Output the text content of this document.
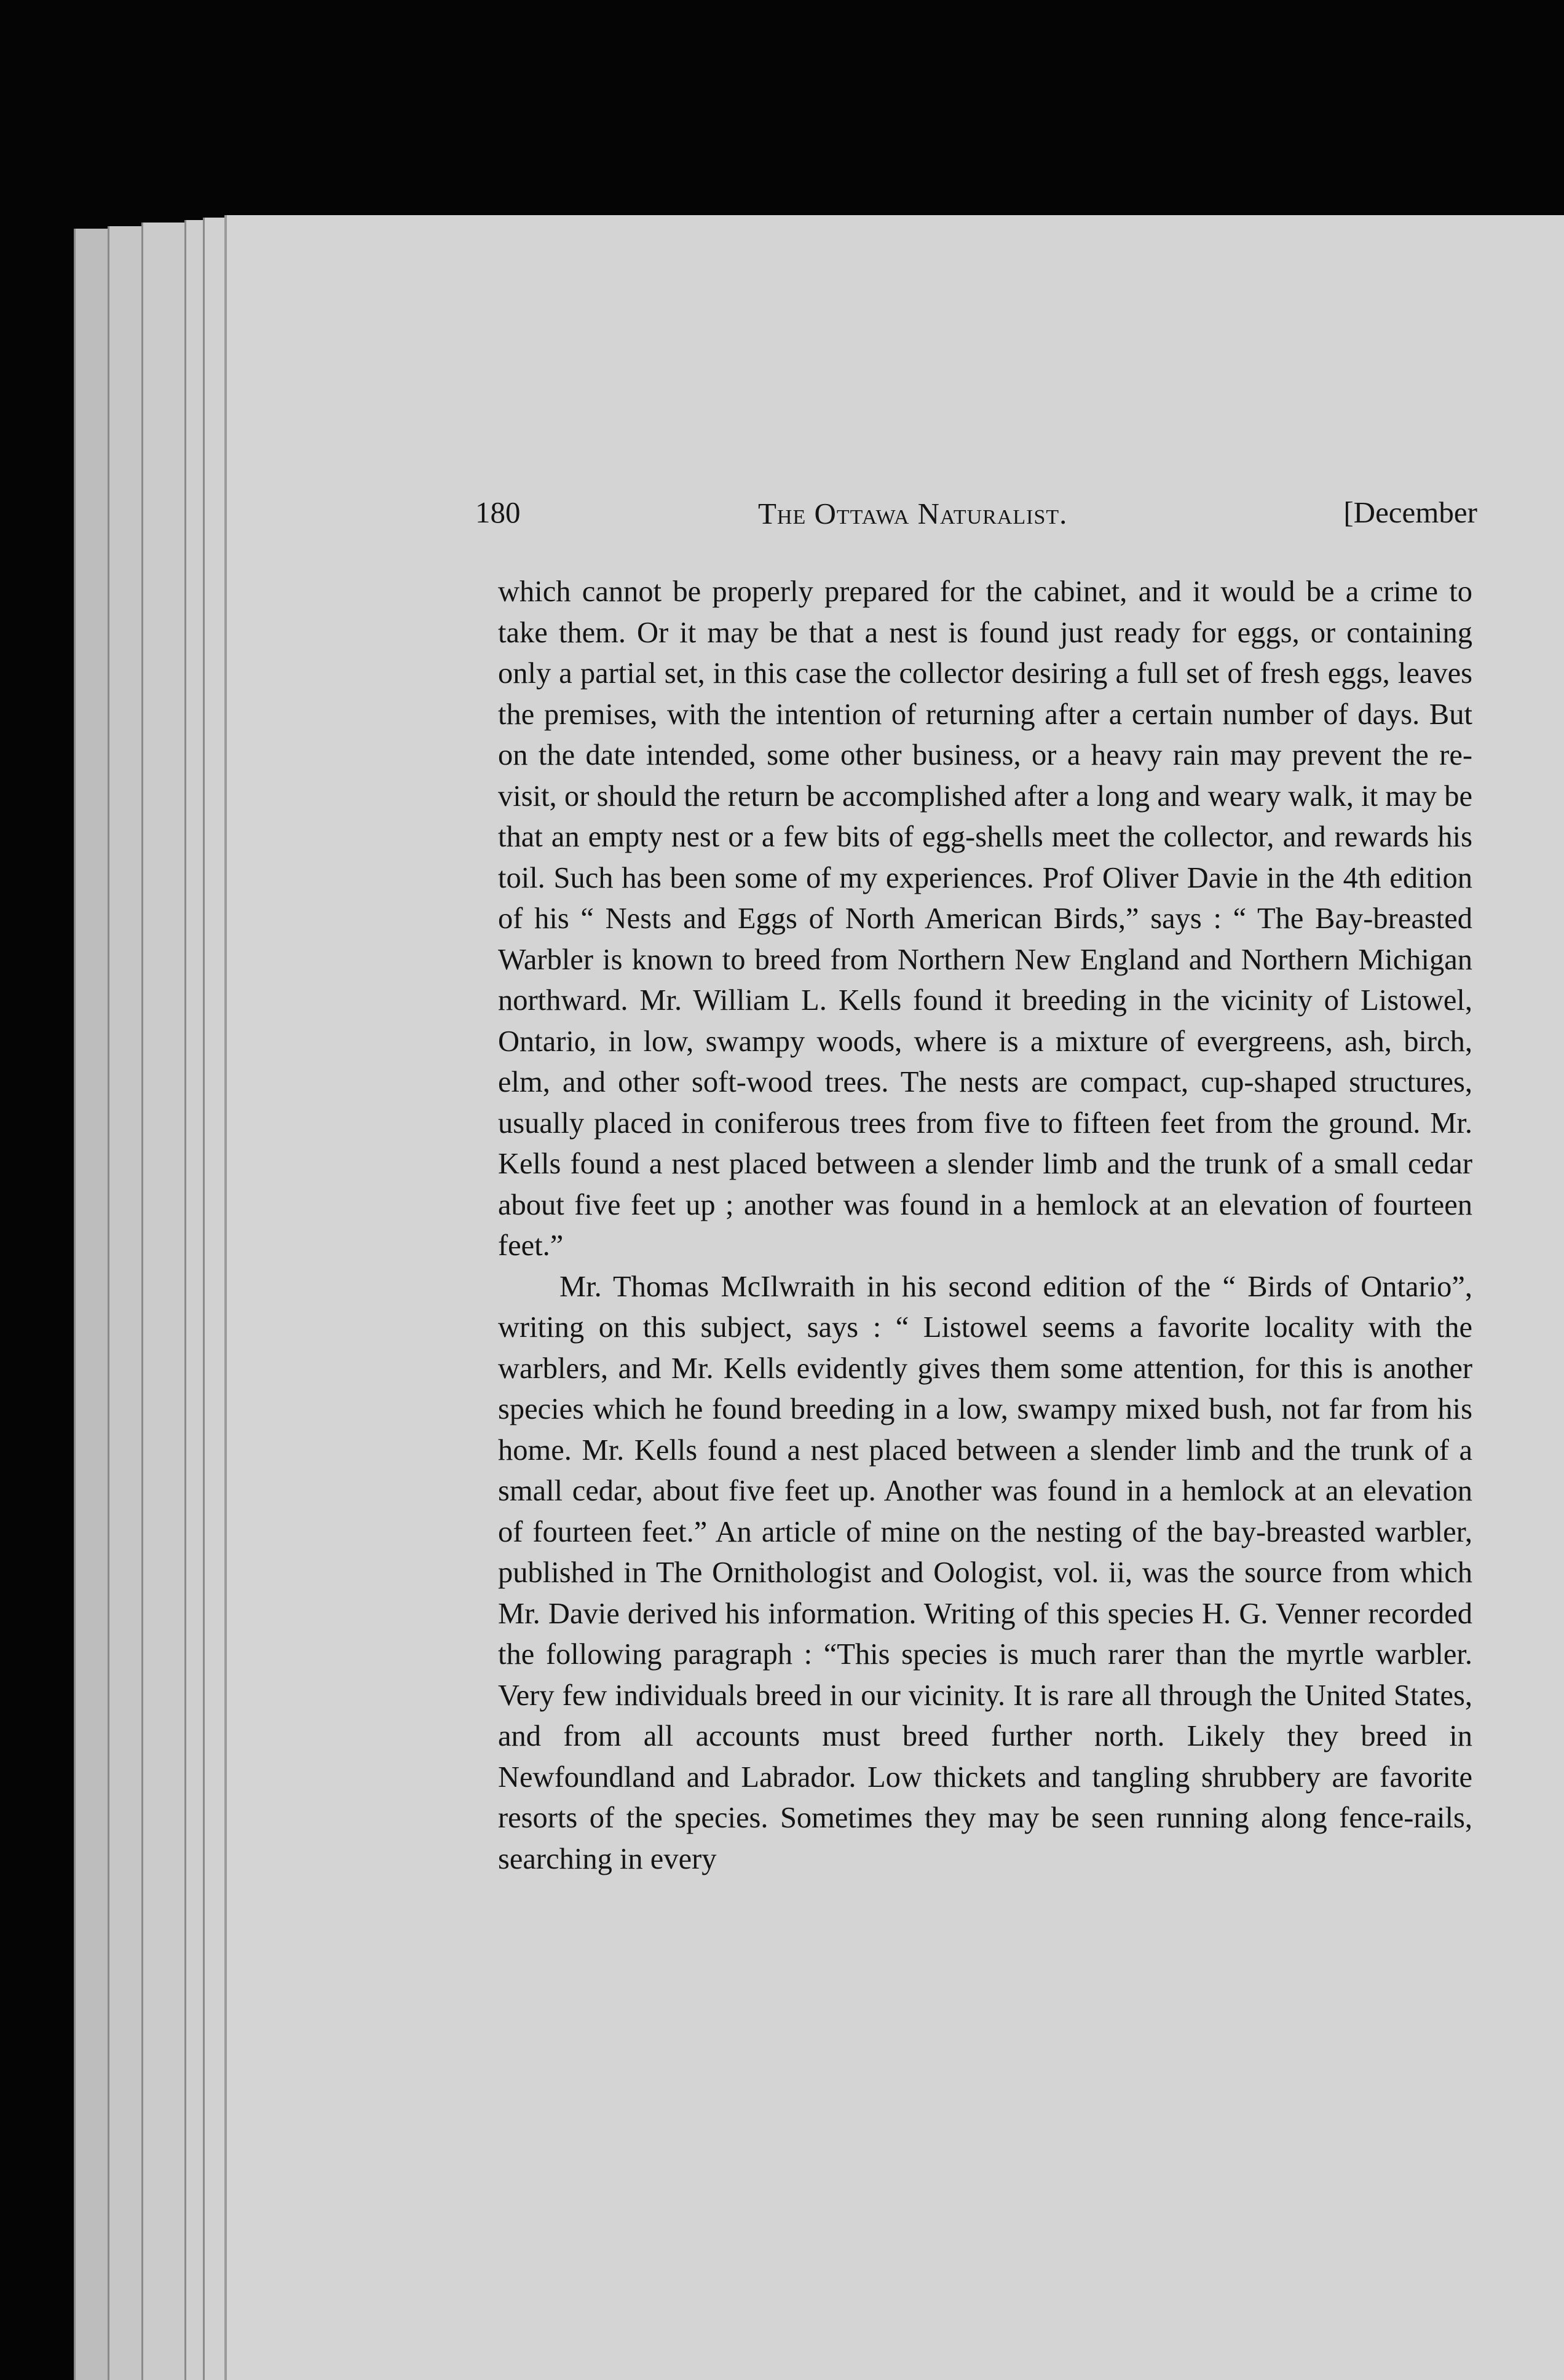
180	The Ottawa Naturalist.	[December

which cannot be properly prepared for the cabinet, and it would be a crime to take them. Or it may be that a nest is found just ready for eggs, or containing only a partial set, in this case the collector desiring a full set of fresh eggs, leaves the premises, with the intention of returning after a certain number of days. But on the date intended, some other business, or a heavy rain may prevent the re-visit, or should the return be accomplished after a long and weary walk, it may be that an empty nest or a few bits of egg-shells meet the collector, and rewards his toil. Such has been some of my experiences. Prof Oliver Davie in the 4th edition of his “ Nests and Eggs of North American Birds,” says : “ The Bay-breasted Warbler is known to breed from Northern New England and Northern Michigan northward. Mr. William L. Kells found it breeding in the vicinity of Listowel, Ontario, in low, swampy woods, where is a mixture of evergreens, ash, birch, elm, and other soft-wood trees. The nests are compact, cup-shaped structures, usually placed in coniferous trees from five to fifteen feet from the ground. Mr. Kells found a nest placed between a slender limb and the trunk of a small cedar about five feet up ; another was found in a hemlock at an elevation of fourteen feet.”

Mr. Thomas McIlwraith in his second edition of the “ Birds of Ontario”, writing on this subject, says : “ Listowel seems a favorite locality with the warblers, and Mr. Kells evidently gives them some attention, for this is another species which he found breeding in a low, swampy mixed bush, not far from his home. Mr. Kells found a nest placed between a slender limb and the trunk of a small cedar, about five feet up. Another was found in a hemlock at an elevation of fourteen feet.” An article of mine on the nesting of the bay-breasted warbler, published in The Ornithologist and Oologist, vol. ii, was the source from which Mr. Davie derived his information. Writing of this species H. G. Venner recorded the following paragraph : “This species is much rarer than the myrtle warbler. Very few individuals breed in our vicinity. It is rare all through the United States, and from all accounts must breed further north. Likely they breed in Newfoundland and Labrador. Low thickets and tangling shrubbery are favorite resorts of the species. Sometimes they may be seen running along fence-rails, searching in every
